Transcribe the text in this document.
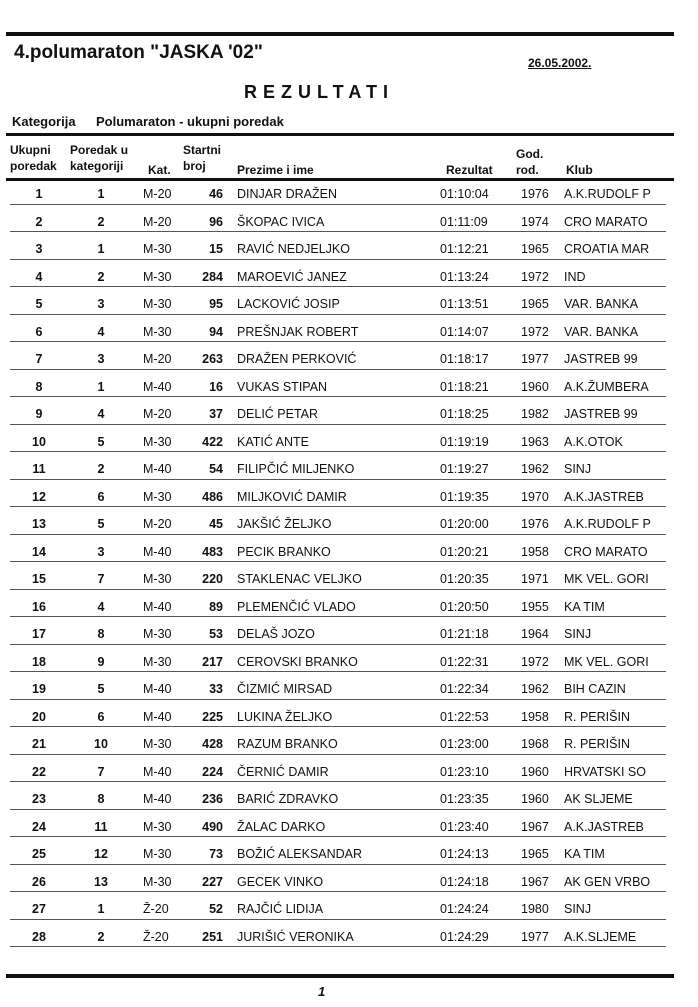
4.polumaraton "JASKA '02"	26.05.2002.
REZULTATI
Kategorija Polumaraton - ukupni poredak
Ukupni
poredak
Poredak u
kategoriji	Kat.
Startni
broj	Prezime i ime	Rezultat
God.
rod.	Klub
1	1	M-20	46 DINJAR DRAŽEN	01:10:04	1976 A.K.RUDOLF P
2	2	M-20	96 ŠKOPAC IVICA	01:11:09	1974 CRO MARATO
3	1	M-30	15 RAVIĆ NEDJELJKO	01:12:21	1965 CROATIA MAR
4	2	M-30	284 MAROEVIĆ JANEZ	01:13:24	1972 IND
5	3	M-30	95 LACKOVIĆ JOSIP	01:13:51	1965 VAR. BANKA
6	4	M-30	94 PREŠNJAK ROBERT	01:14:07	1972 VAR. BANKA
7	3	M-20	263 DRAŽEN PERKOVIĆ	01:18:17	1977 JASTREB 99
8	1	M-40	16 VUKAS STIPAN	01:18:21	1960 A.K.ŽUMBERA
9	4	M-20	37 DELIĆ PETAR	01:18:25	1982 JASTREB 99
10	5	M-30	422 KATIĆ ANTE	01:19:19	1963 A.K.OTOK
11	2	M-40	54 FILIPČIĆ MILJENKO	01:19:27	1962 SINJ
12	6	M-30	486 MILJKOVIĆ DAMIR	01:19:35	1970 A.K.JASTREB
13	5	M-20	45 JAKŠIĆ ŽELJKO	01:20:00	1976 A.K.RUDOLF P
14	3	M-40	483 PECIK BRANKO	01:20:21	1958 CRO MARATO
15	7	M-30	220 STAKLENAC VELJKO	01:20:35	1971 MK VEL. GORI
16	4	M-40	89 PLEMENČIĆ VLADO	01:20:50	1955 KA TIM
17	8	M-30	53 DELAŠ JOZO	01:21:18	1964 SINJ
18	9	M-30	217 CEROVSKI BRANKO	01:22:31	1972 MK VEL. GORI
19	5	M-40	33 ČIZMIĆ MIRSAD	01:22:34	1962 BIH CAZIN
20	6	M-40	225 LUKINA ŽELJKO	01:22:53	1958 R. PERIŠIN
21	10	M-30	428 RAZUM BRANKO	01:23:00	1968 R. PERIŠIN
22	7	M-40	224 ČERNIĆ DAMIR	01:23:10	1960 HRVATSKI SO
23	8	M-40	236 BARIĆ ZDRAVKO	01:23:35	1960 AK SLJEME
24	11	M-30	490 ŽALAC DARKO	01:23:40	1967 A.K.JASTREB
25	12	M-30	73 BOŽIĆ ALEKSANDAR	01:24:13	1965 KA TIM
26	13	M-30	227 GECEK VINKO	01:24:18	1967 AK GEN VRBO
27	1	Ž-20	52 RAJČIĆ LIDIJA	01:24:24	1980 SINJ
28	2	Ž-20	251 JURIŠIĆ VERONIKA	01:24:29	1977 A.K.SLJEME
1
